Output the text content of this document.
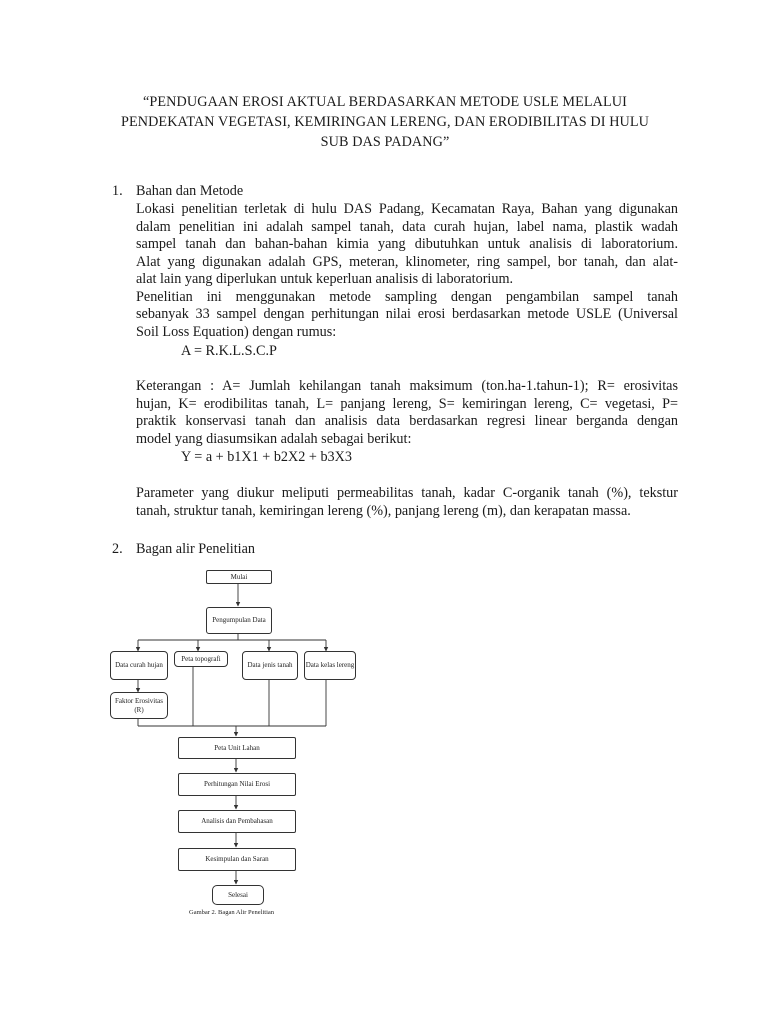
“PENDUGAAN EROSI AKTUAL BERDASARKAN METODE USLE MELALUI
PENDEKATAN VEGETASI, KEMIRINGAN LERENG, DAN ERODIBILITAS DI HULU
SUB DAS PADANG”
1. Bahan dan Metode
Lokasi penelitian terletak di hulu DAS Padang, Kecamatan Raya, Bahan yang digunakan
dalam penelitian ini adalah sampel tanah, data curah hujan, label nama, plastik wadah
sampel tanah dan bahan-bahan kimia yang dibutuhkan untuk analisis di laboratorium.
Alat yang digunakan adalah GPS, meteran, klinometer, ring sampel, bor tanah, dan alat-
alat lain yang diperlukan untuk keperluan analisis di laboratorium.
Penelitian ini menggunakan metode sampling dengan pengambilan sampel tanah
sebanyak 33 sampel dengan perhitungan nilai erosi berdasarkan metode USLE (Universal
Soil Loss Equation) dengan rumus:
A = R.K.L.S.C.P
Keterangan : A= Jumlah kehilangan tanah maksimum (ton.ha-1.tahun-1); R= erosivitas
hujan, K= erodibilitas tanah, L= panjang lereng, S= kemiringan lereng, C= vegetasi, P=
praktik konservasi tanah dan analisis data berdasarkan regresi linear berganda dengan
model yang diasumsikan adalah sebagai berikut:
Y = a + b1X1 + b2X2 + b3X3
Parameter yang diukur meliputi permeabilitas tanah, kadar C-organik tanah (%), tekstur
tanah, struktur tanah, kemiringan lereng (%), panjang lereng (m), dan kerapatan massa.
2. Bagan alir Penelitian
Mulai
Pengumpulan Data
Data curah hujan
Peta topografi
Data jenis tanah	Data kelas lereng
Faktor Erosivitas (R)
Peta Unit Lahan
Perhitungan Nilai Erosi
Analisis dan Pembahasan
Kesimpulan dan Saran
Selesai
Gambar 2. Bagan Alir Penelitian
